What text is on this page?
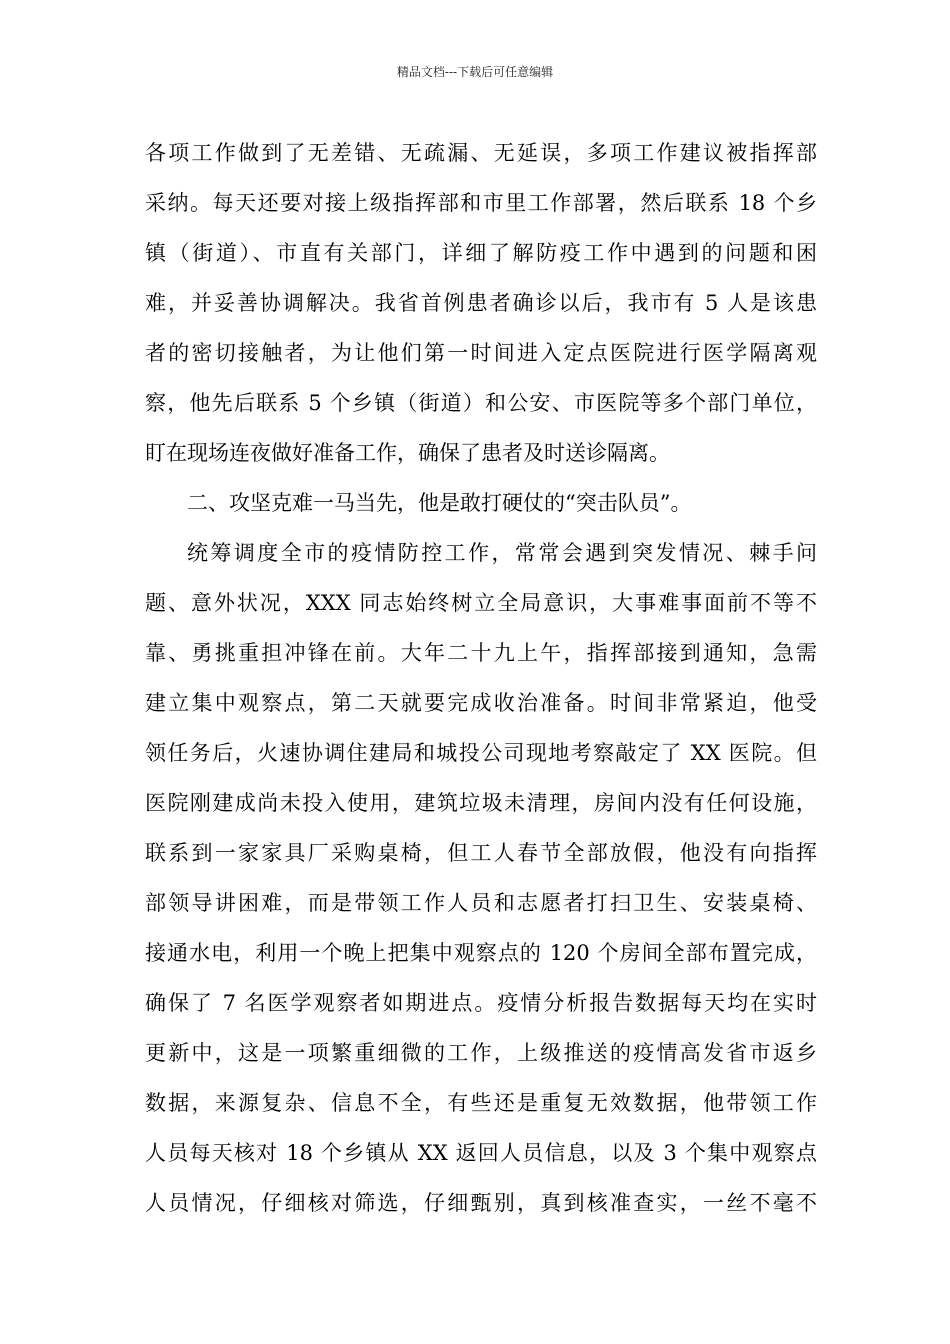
精品文档---下载后可任意编辑
各项工作做到了无差错、无疏漏、无延误，多项工作建议被指挥部
采纳。每天还要对接上级指挥部和市里工作部署，然后联系 18 个乡
镇（街道）、市直有关部门，详细了解防疫工作中遇到的问题和困
难，并妥善协调解决。我省首例患者确诊以后，我市有 5 人是该患
者的密切接触者，为让他们第一时间进入定点医院进行医学隔离观
察，他先后联系 5 个乡镇（街道）和公安、市医院等多个部门单位，
盯在现场连夜做好准备工作，确保了患者及时送诊隔离。
二、攻坚克难一马当先，他是敢打硬仗的“突击队员”。
统筹调度全市的疫情防控工作，常常会遇到突发情况、棘手问
题、意外状况，XXX 同志始终树立全局意识，大事难事面前不等不
靠、勇挑重担冲锋在前。大年二十九上午，指挥部接到通知，急需
建立集中观察点，第二天就要完成收治准备。时间非常紧迫，他受
领任务后，火速协调住建局和城投公司现地考察敲定了 XX 医院。但
医院刚建成尚未投入使用，建筑垃圾未清理，房间内没有任何设施，
联系到一家家具厂采购桌椅，但工人春节全部放假，他没有向指挥
部领导讲困难，而是带领工作人员和志愿者打扫卫生、安装桌椅、
接通水电，利用一个晚上把集中观察点的 120 个房间全部布置完成，
确保了 7 名医学观察者如期进点。疫情分析报告数据每天均在实时
更新中，这是一项繁重细微的工作，上级推送的疫情高发省市返乡
数据，来源复杂、信息不全，有些还是重复无效数据，他带领工作
人员每天核对 18 个乡镇从 XX 返回人员信息，以及 3 个集中观察点
人员情况，仔细核对筛选，仔细甄别，真到核准查实，一丝不毫不
